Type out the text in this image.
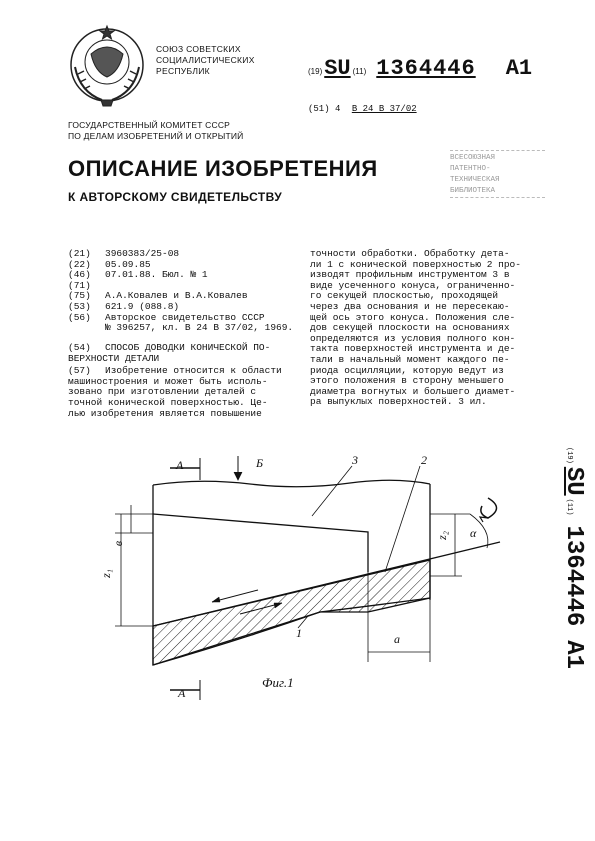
СОЮЗ СОВЕТСКИХ
СОЦИАЛИСТИЧЕСКИХ
РЕСПУБЛИК	(19) SU (11) 1364446 A1
(51) 4 В 24 В 37/02
ГОСУДАРСТВЕННЫЙ КОМИТЕТ СССР
ПО ДЕЛАМ ИЗОБРЕТЕНИЙ И ОТКРЫТИЙ
ОПИСАНИЕ ИЗОБРЕТЕНИЯ
К АВТОРСКОМУ СВИДЕТЕЛЬСТВУ
ВСЕСОЮЗНАЯ
ПАТЕНТНО-
ТЕХНИЧЕСКАЯ
БИБЛИОТЕКА
(21)	3960383/25-08
(22)	05.09.85
(46)	07.01.88. Бюл. № 1
(71)
(75)	А.А.Ковалев и В.А.Ковалев
(53)	621.9 (088.8)
(56)	Авторское свидетельство СССР
№ 396257, кл. В 24 В 37/02, 1969.
(54)	СПОСОБ ДОВОДКИ КОНИЧЕСКОЙ ПО-
ВЕРХНОСТИ ДЕТАЛИ
(57)	Изобретение относится к области
машиностроения и может быть исполь-
зовано при изготовлении деталей с
точной конической поверхностью. Це-
лью изобретения является повышение
точности обработки. Обработку дета-
ли 1 с конической поверхностью 2 про-
изводят профильным инструментом 3 в
виде усеченного конуса, ограниченно-
го секущей плоскостью, проходящей
через два основания и не пересекаю-
щей ось этого конуса. Положения сле-
дов секущей плоскости на основаниях
определяются из условия полного кон-
такта поверхностей инструмента и де-
тали в начальный момент каждого пе-
риода осцилляции, которую ведут из
этого положения в сторону меньшего
диаметра вогнутых и большего диамет-
ра выпуклых поверхностей. 3 ил.
A
A
Б	3	2
1
в
z₁
z₂ α
a
Фиг.1
(19)
SU
(11)
1364446
A1
